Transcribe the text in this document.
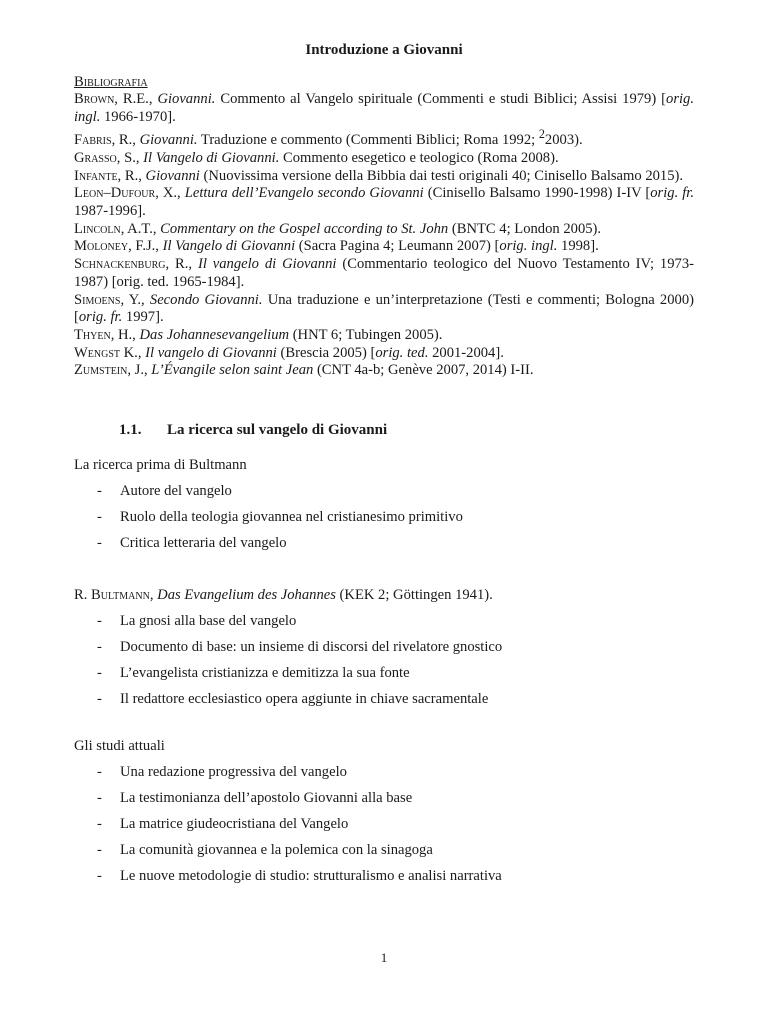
Introduzione a Giovanni
Bibliografia
Brown, R.E., Giovanni. Commento al Vangelo spirituale (Commenti e studi Biblici; Assisi 1979) [orig. ingl. 1966-1970].
Fabris, R., Giovanni. Traduzione e commento (Commenti Biblici; Roma 1992; $^2$2003).
Grasso, S., Il Vangelo di Giovanni. Commento esegetico e teologico (Roma 2008).
Infante, R., Giovanni (Nuovissima versione della Bibbia dai testi originali 40; Cinisello Balsamo 2015).
Leon–Dufour, X., Lettura dell’Evangelo secondo Giovanni (Cinisello Balsamo 1990-1998) I-IV [orig. fr. 1987-1996].
Lincoln, A.T., Commentary on the Gospel according to St. John (BNTC 4; London 2005).
Moloney, F.J., Il Vangelo di Giovanni (Sacra Pagina 4; Leumann 2007) [orig. ingl. 1998].
Schnackenburg, R., Il vangelo di Giovanni (Commentario teologico del Nuovo Testamento IV; 1973-1987) [orig. ted. 1965-1984].
Simoens, Y., Secondo Giovanni. Una traduzione e un’interpretazione (Testi e commenti; Bologna 2000) [orig. fr. 1997].
Thyen, H., Das Johannesevangelium (HNT 6; Tubingen 2005).
Wengst K., Il vangelo di Giovanni (Brescia 2005) [orig. ted. 2001-2004].
Zumstein, J., L’Évangile selon saint Jean (CNT 4a-b; Genève 2007, 2014) I-II.
1.1. La ricerca sul vangelo di Giovanni
La ricerca prima di Bultmann
- Autore del vangelo
- Ruolo della teologia giovannea nel cristianesimo primitivo
- Critica letteraria del vangelo
R. Bultmann, Das Evangelium des Johannes (KEK 2; Göttingen 1941).
- La gnosi alla base del vangelo
- Documento di base: un insieme di discorsi del rivelatore gnostico
- L’evangelista cristianizza e demitizza la sua fonte
- Il redattore ecclesiastico opera aggiunte in chiave sacramentale
Gli studi attuali
- Una redazione progressiva del vangelo
- La testimonianza dell’apostolo Giovanni alla base
- La matrice giudeocristiana del Vangelo
- La comunità giovannea e la polemica con la sinagoga
- Le nuove metodologie di studio: strutturalismo e analisi narrativa
1
